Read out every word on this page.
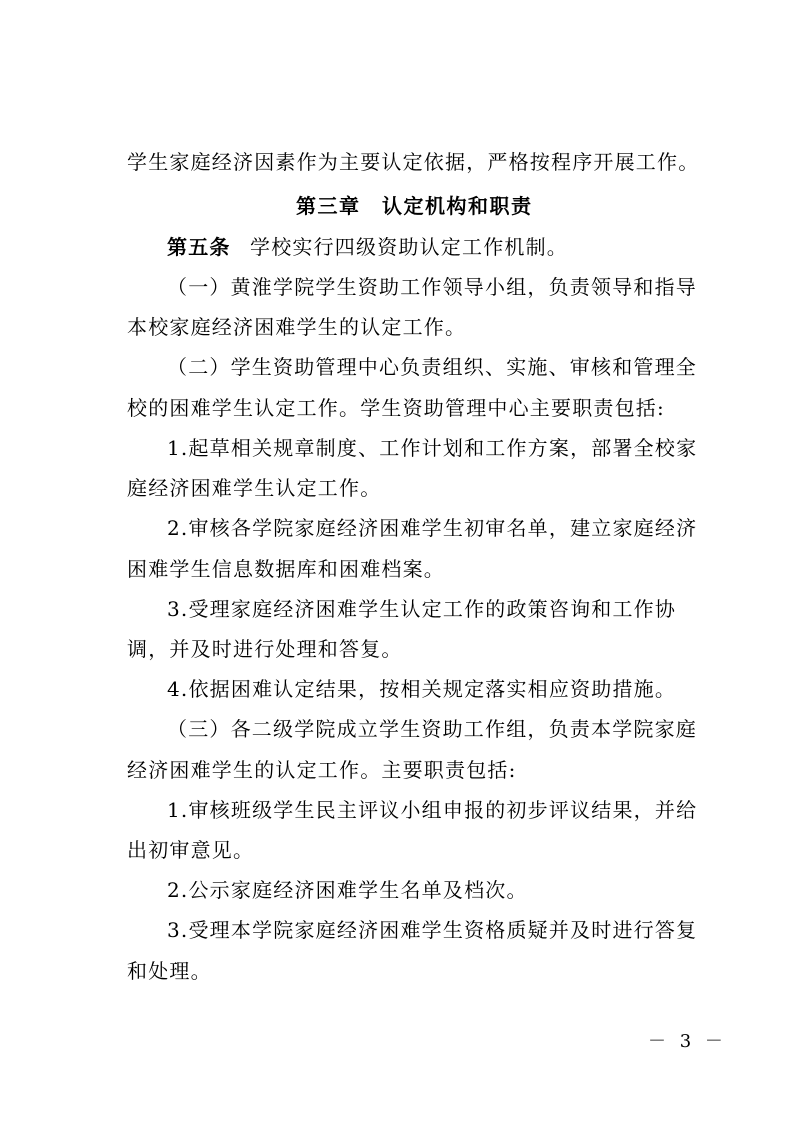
学生家庭经济因素作为主要认定依据，严格按程序开展工作。
第三章　认定机构和职责
第五条 学校实行四级资助认定工作机制。
（一）黄淮学院学生资助工作领导小组，负责领导和指导
本校家庭经济困难学生的认定工作。
（二）学生资助管理中心负责组织、实施、审核和管理全
校的困难学生认定工作。学生资助管理中心主要职责包括:
1.起草相关规章制度、工作计划和工作方案，部署全校家
庭经济困难学生认定工作。
2.审核各学院家庭经济困难学生初审名单，建立家庭经济
困难学生信息数据库和困难档案。
3.受理家庭经济困难学生认定工作的政策咨询和工作协
调，并及时进行处理和答复。
4.依据困难认定结果，按相关规定落实相应资助措施。
（三）各二级学院成立学生资助工作组，负责本学院家庭
经济困难学生的认定工作。主要职责包括:
1.审核班级学生民主评议小组申报的初步评议结果，并给
出初审意见。
2.公示家庭经济困难学生名单及档次。
3.受理本学院家庭经济困难学生资格质疑并及时进行答复
和处理。
－ 3 －
